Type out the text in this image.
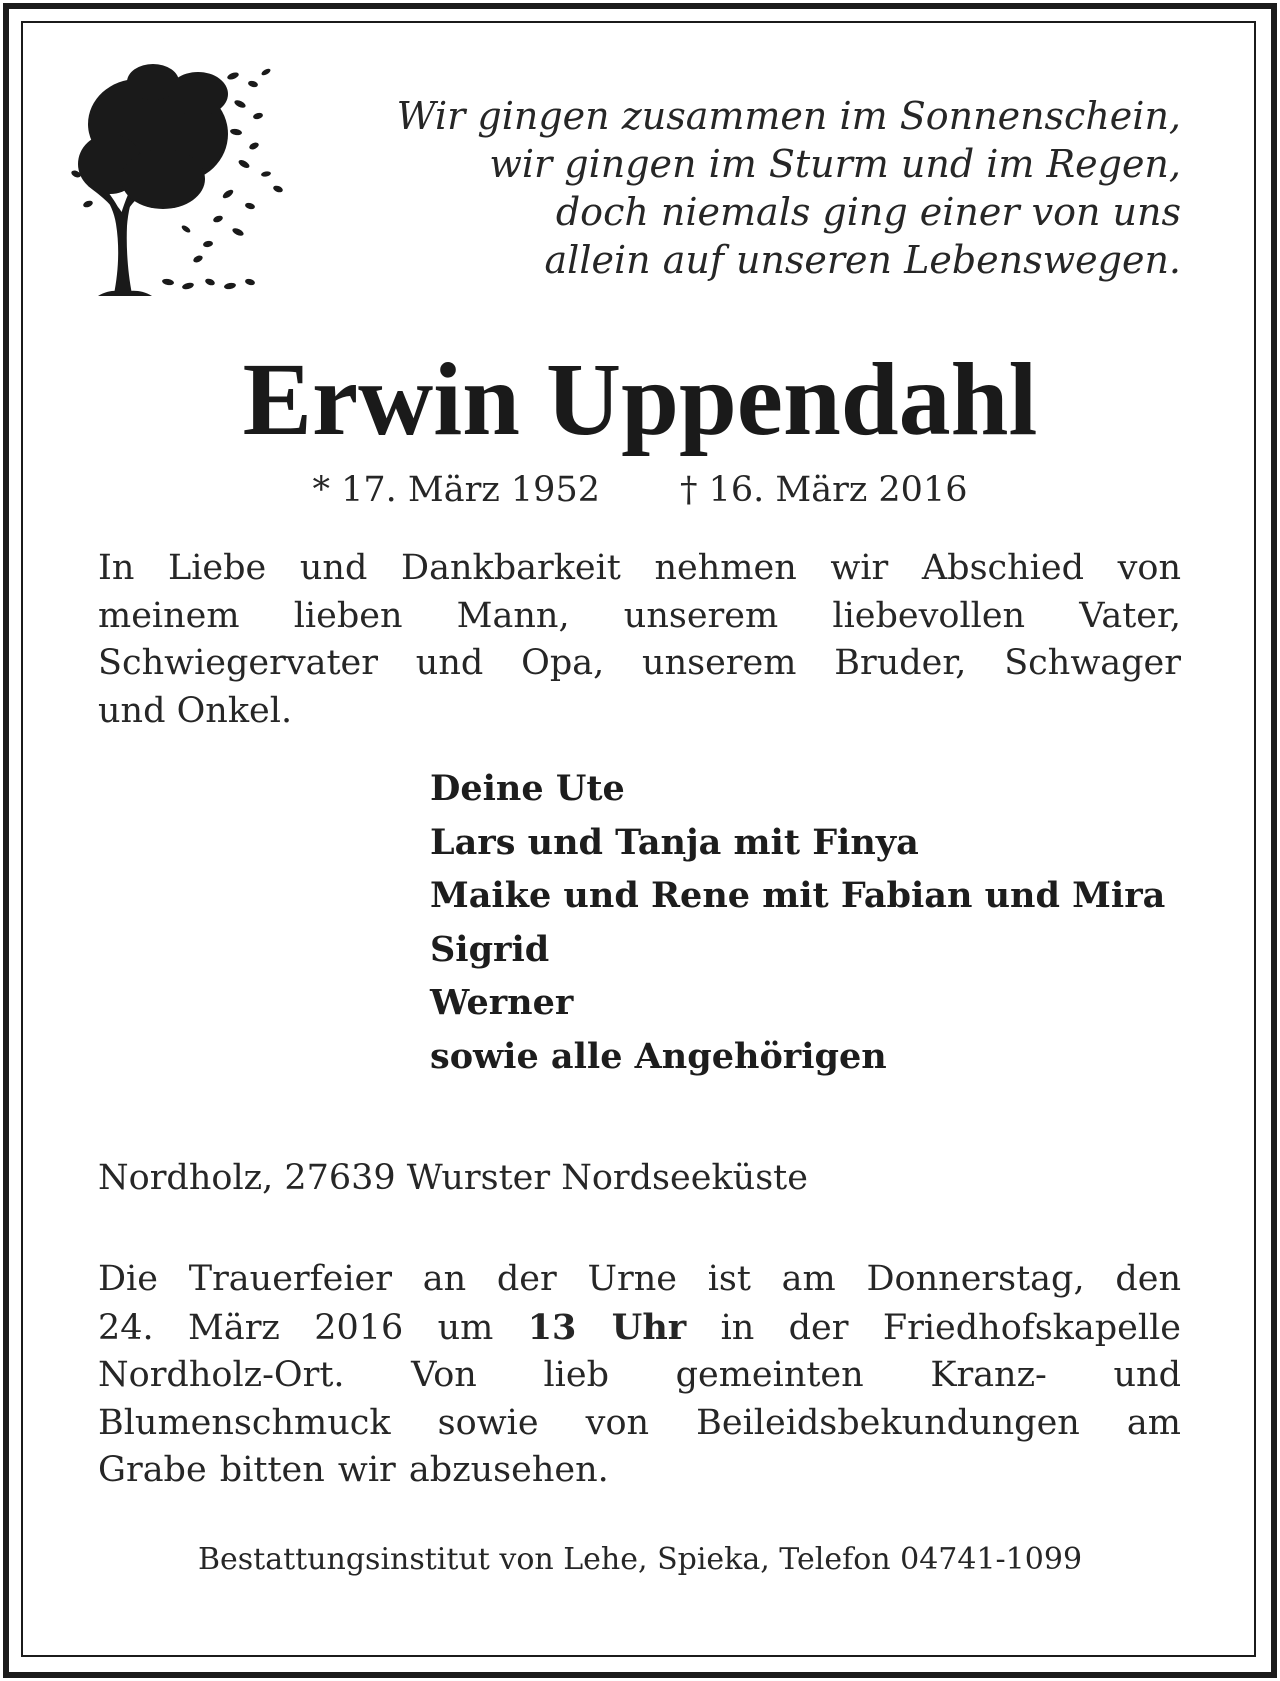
Wir gingen zusammen im Sonnenschein,
wir gingen im Sturm und im Regen,
doch niemals ging einer von uns
allein auf unseren Lebenswegen.
Erwin Uppendahl
* 17. März 1952 † 16. März 2016
In Liebe und Dankbarkeit nehmen wir Abschied von
meinem lieben Mann, unserem liebevollen Vater,
Schwiegervater und Opa, unserem Bruder, Schwager
und Onkel.
Deine Ute
Lars und Tanja mit Finya
Maike und Rene mit Fabian und Mira
Sigrid
Werner
sowie alle Angehörigen
Nordholz, 27639 Wurster Nordseeküste
Die Trauerfeier an der Urne ist am Donnerstag, den
24. März 2016 um 13 Uhr in der Friedhofskapelle
Nordholz-Ort. Von lieb gemeinten Kranz- und
Blumenschmuck sowie von Beileidsbekundungen am
Grabe bitten wir abzusehen.
Bestattungsinstitut von Lehe, Spieka, Telefon 04741-1099
